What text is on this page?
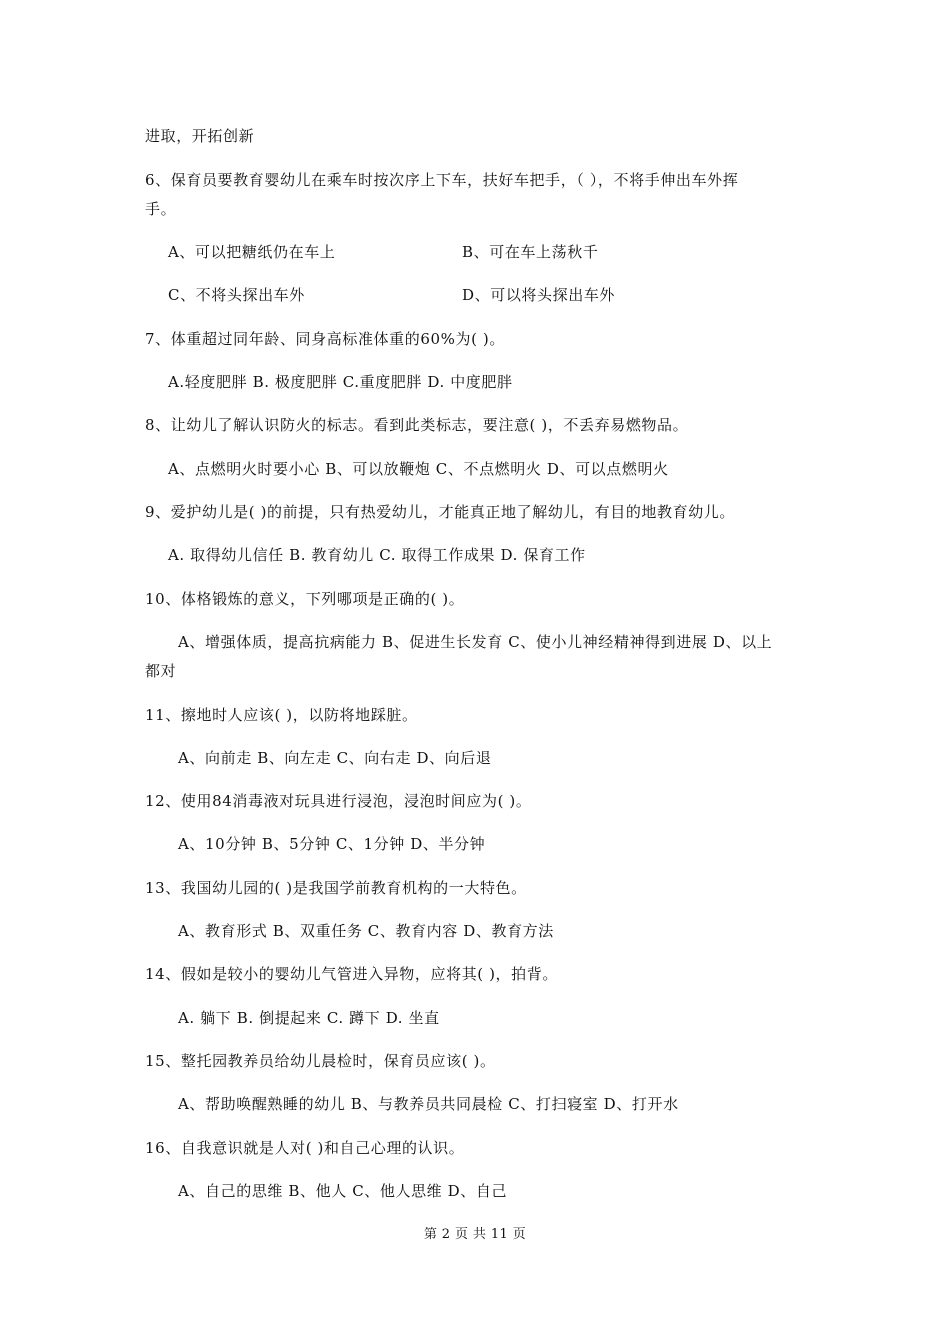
进取，开拓创新
6、保育员要教育婴幼儿在乘车时按次序上下车，扶好车把手，（ ），不将手伸出车外挥
手。
A、可以把糖纸仍在车上	B、可在车上荡秋千
C、不将头探出车外	D、可以将头探出车外
7、体重超过同年龄、同身高标准体重的60%为( )。
A.轻度肥胖 B. 极度肥胖 C.重度肥胖 D. 中度肥胖
8、让幼儿了解认识防火的标志。看到此类标志，要注意( )，不丢弃易燃物品。
A、点燃明火时要小心 B、可以放鞭炮 C、不点燃明火 D、可以点燃明火
9、爱护幼儿是( )的前提，只有热爱幼儿，才能真正地了解幼儿，有目的地教育幼儿。
A. 取得幼儿信任 B. 教育幼儿 C. 取得工作成果 D. 保育工作
10、体格锻炼的意义，下列哪项是正确的( )。
A、增强体质，提高抗病能力 B、促进生长发育 C、使小儿神经精神得到进展 D、以上
都对
11、擦地时人应该( )，以防将地踩脏。
A、向前走 B、向左走 C、向右走 D、向后退
12、使用84消毒液对玩具进行浸泡，浸泡时间应为( )。
A、10分钟 B、5分钟 C、1分钟 D、半分钟
13、我国幼儿园的( )是我国学前教育机构的一大特色。
A、教育形式 B、双重任务 C、教育内容 D、教育方法
14、假如是较小的婴幼儿气管进入异物，应将其( )，拍背。
A. 躺下 B. 倒提起来 C. 蹲下 D. 坐直
15、整托园教养员给幼儿晨检时，保育员应该( )。
A、帮助唤醒熟睡的幼儿 B、与教养员共同晨检 C、打扫寝室 D、打开水
16、自我意识就是人对( )和自己心理的认识。
A、自己的思维 B、他人 C、他人思维 D、自己
第 2 页 共 11 页
